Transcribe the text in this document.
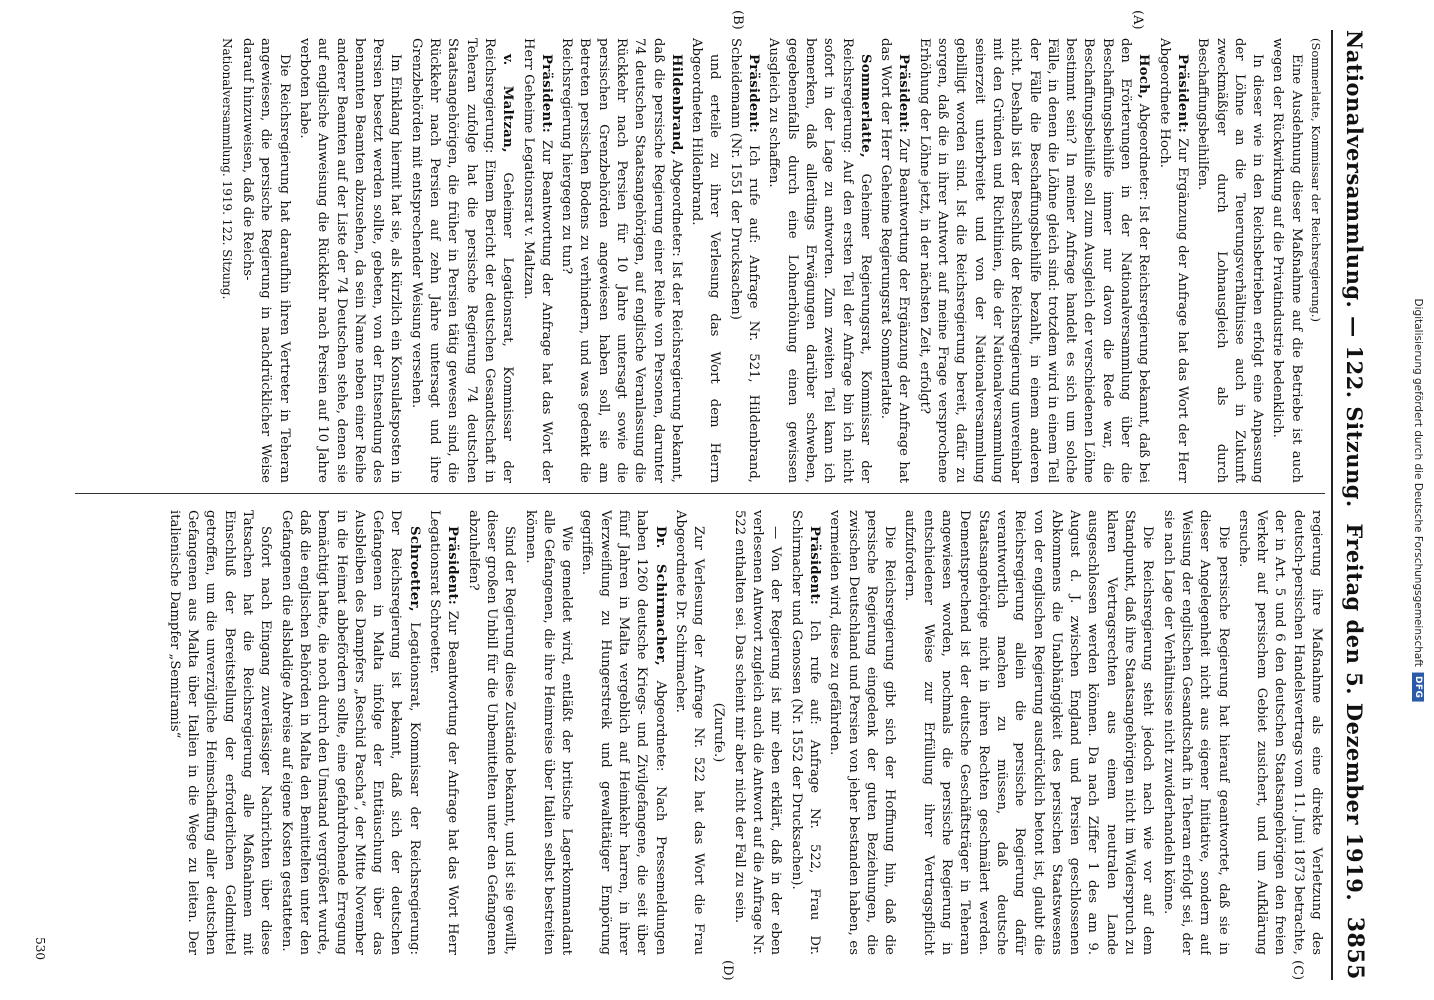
Nationalversammlung. — 122. Sitzung.
Freitag den 5. Dezember 1919.
3855
(A)
(B)
(C)
(D)

(Sommerlatte, Kommissar der Reichsregierung.)

Eine Ausdehnung dieser Maßnahme auf die Betriebe ist auch wegen der Rückwirkung auf die Privatindustrie bedenklich.

In dieser wie in den Reichsbetrieben erfolgt eine Anpassung der Löhne an die Teuerungsverhältnisse auch in Zukunft zweckmäßiger durch Lohnausgleich als durch Beschaffungsbeihilfen.

Präsident: Zur Ergänzung der Anfrage hat das Wort der Herr Abgeordnete Hoch.

Hoch, Abgeordneter: Ist der Reichsregierung bekannt, daß bei den Erörterungen in der Nationalversammlung über die Beschaffungsbeihilfe immer nur davon die Rede war, die Beschaffungsbeihilfe soll zum Ausgleich der verschiedenen Löhne bestimmt sein? In meiner Anfrage handelt es sich um solche Fälle, in denen die Löhne gleich sind: trotzdem wird in einem Teil der Fälle die Beschaffungsbeihilfe bezahlt, in einem anderen nicht. Deshalb ist der Beschluß der Reichsregierung unvereinbar mit den Gründen und Richtlinien, die der Nationalversammlung seinerzeit unterbreitet und von der Nationalversammlung gebilligt worden sind. Ist die Reichsregierung bereit, dafür zu sorgen, daß die in ihrer Antwort auf meine Frage versprochene Erhöhung der Löhne jetzt, in der nächsten Zeit, erfolgt?

Präsident: Zur Beantwortung der Ergänzung der Anfrage hat das Wort der Herr Geheime Regierungsrat Sommerlatte.

Sommerlatte, Geheimer Regierungsrat, Kommissar der Reichsregierung: Auf den ersten Teil der Anfrage bin ich nicht sofort in der Lage zu antworten. Zum zweiten Teil kann ich bemerken, daß allerdings Erwägungen darüber schweben, gegebenenfalls durch eine Lohnerhöhung einen gewissen Ausgleich zu schaffen.

Präsident: Ich rufe auf: Anfrage Nr. 521, Hildenbrand, Scheidemann (Nr. 1551 der Drucksachen)

und erteile zu ihrer Verlesung das Wort dem Herrn Abgeordneten Hildenbrand.

Hildenbrand, Abgeordneter: Ist der Reichsregierung bekannt, daß die persische Regierung einer Reihe von Personen, darunter 74 deutschen Staatsangehörigen, auf englische Veranlassung die Rückkehr nach Persien für 10 Jahre untersagt sowie die persischen Grenzbehörden angewiesen haben soll, sie am Betreten persischen Bodens zu verhindern, und was gedenkt die Reichsregierung hiergegen zu tun?

Präsident: Zur Beantwortung der Anfrage hat das Wort der Herr Geheime Legationsrat v. Maltzan.

v. Maltzan, Geheimer Legationsrat, Kommissar der Reichsregierung: Einem Bericht der deutschen Gesandtschaft in Teheran zufolge hat die persische Regierung 74 deutschen Staatsangehörigen, die früher in Persien tätig gewesen sind, die Rückkehr nach Persien auf zehn Jahre untersagt und ihre Grenzbehörden mit entsprechender Weisung versehen.

Im Einklang hiermit hat sie, als kürzlich ein Konsulatsposten in Persien besetzt werden sollte, gebeten, von der Entsendung des benannten Beamten abzusehen, da sein Name neben einer Reihe anderer Beamten auf der Liste der 74 Deutschen stehe, denen sie auf englische Anweisung die Rückkehr nach Persien auf 10 Jahre verboten habe.

Die Reichsregierung hat daraufhin ihren Vertreter in Teheran angewiesen, die persische Regierung in nachdrücklicher Weise darauf hinzuweisen, daß die Reichs-

Nationalversammlung. 1919. 122. Sitzung.

regierung ihre Maßnahme als eine direkte Verletzung des deutsch-persischen Handelsvertrags vom 11. Juni 1873 betrachte, der in Art. 5 und 6 den deutschen Staatsangehörigen den freien Verkehr auf persischem Gebiet zusichert, und um Aufklärung ersuche.

Die persische Regierung hat hierauf geantwortet, daß sie in dieser Angelegenheit nicht aus eigener Initiative, sondern auf Weisung der englischen Gesandtschaft in Teheran erfolgt sei, der sie nach Lage der Verhältnisse nicht zuwiderhandeln könne.

Die Reichsregierung steht jedoch nach wie vor auf dem Standpunkt, daß ihre Staatsangehörigen nicht im Widerspruch zu klaren Vertragsrechten aus einem neutralen Lande ausgeschlossen werden können. Da nach Ziffer 1 des am 9. August d. J. zwischen England und Persien geschlossenen Abkommens die Unabhängigkeit des persischen Staatswesens von der englischen Regierung ausdrücklich betont ist, glaubt die Reichsregierung allein die persische Regierung dafür verantwortlich machen zu müssen, daß deutsche Staatsangehörige nicht in ihren Rechten geschmälert werden. Dementsprechend ist der deutsche Geschäftsträger in Teheran angewiesen worden, nochmals die persische Regierung in entschiedener Weise zur Erfüllung ihrer Vertragspflicht aufzufordern.

Die Reichsregierung gibt sich der Hoffnung hin, daß die persische Regierung eingedenk der guten Beziehungen, die zwischen Deutschland und Persien von jeher bestanden haben, es vermeiden wird, diese zu gefährden.

Präsident: Ich rufe auf: Anfrage Nr. 522, Frau Dr. Schirmacher und Genossen (Nr. 1552 der Drucksachen).

— Von der Regierung ist mir eben erklärt, daß in der eben verlesenen Antwort zugleich auch die Antwort auf die Anfrage Nr. 522 enthalten sei. Das scheint mir aber nicht der Fall zu sein.

(Zurufe.)

Zur Verlesung der Anfrage Nr. 522 hat das Wort die Frau Abgeordnete Dr. Schirmacher.

Dr. Schirmacher, Abgeordnete: Nach Pressemeldungen haben 1260 deutsche Kriegs- und Zivilgefangene, die seit über fünf Jahren in Malta vergeblich auf Heimkehr harren, in ihrer Verzweiflung zu Hungerstreik und gewalttätiger Empörung gegriffen.

Wie gemeldet wird, entläßt der britische Lagerkommandant alle Gefangenen, die ihre Heimreise über Italien selbst bestreiten können.

Sind der Regierung diese Zustände bekannt, und ist sie gewillt, dieser großen Unbill für die Unbemittelten unter den Gefangenen abzuhelfen?

Präsident: Zur Beantwortung der Anfrage hat das Wort Herr Legationsrat Schroetter.

Schroetter, Legationsrat, Kommissar der Reichsregierung: Der Reichsregierung ist bekannt, daß sich der deutschen Gefangenen in Malta infolge der Enttäuschung über das Ausbleiben des Dampfers „Reschid Pascha“, der Mitte November in die Heimat abbefördern sollte, eine gefahrdrohende Erregung bemächtigt hatte, die noch durch den Umstand vergrößert wurde, daß die englischen Behörden in Malta den Bemittelten unter den Gefangenen die alsbaldige Abreise auf eigene Kosten gestatteten.

Sofort nach Eingang zuverlässiger Nachrichten über diese Tatsachen hat die Reichsregierung alle Maßnahmen mit Einschluß der Bereitstellung der erforderlichen Geldmittel getroffen, um die unverzügliche Heimschaffung aller deutschen Gefangenen aus Malta über Italien in die Wege zu leiten. Der italienische Dampfer „Semiramis“

530
Digitalisierung gefördert durch die Deutsche Forschungsgemeinschaft
DFG
